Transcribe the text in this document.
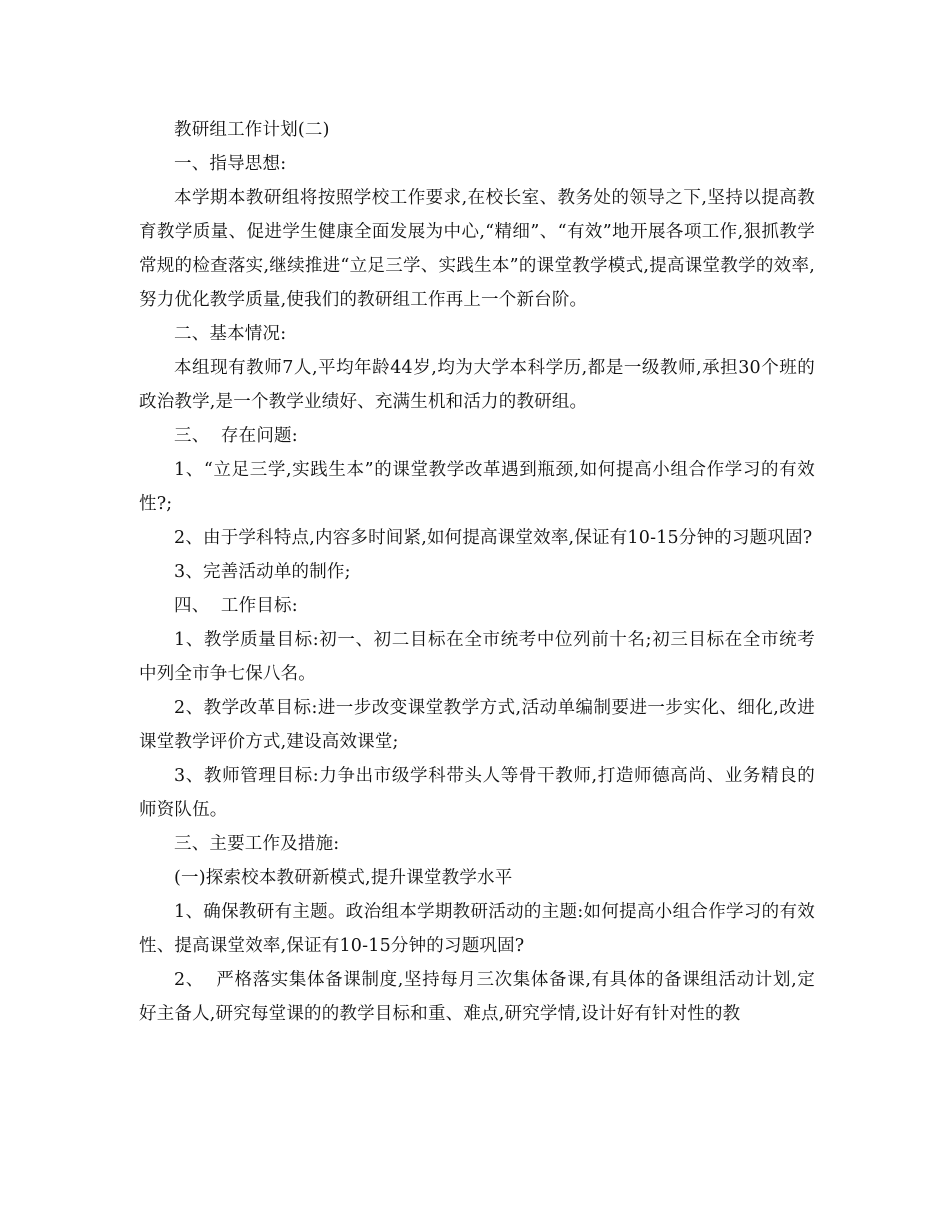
教研组工作计划(二)

一、指导思想:

本学期本教研组将按照学校工作要求,在校长室、教务处的领导之下,坚持以提高教育教学质量、促进学生健康全面发展为中心,“精细”、“有效”地开展各项工作,狠抓教学常规的检查落实,继续推进“立足三学、实践生本”的课堂教学模式,提高课堂教学的效率,努力优化教学质量,使我们的教研组工作再上一个新台阶。

二、基本情况:

本组现有教师7人,平均年龄44岁,均为大学本科学历,都是一级教师,承担30个班的政治教学,是一个教学业绩好、充满生机和活力的教研组。

三、  存在问题:

1、“立足三学,实践生本”的课堂教学改革遇到瓶颈,如何提高小组合作学习的有效性?;

2、由于学科特点,内容多时间紧,如何提高课堂效率,保证有10-15分钟的习题巩固?

3、完善活动单的制作;

四、  工作目标:

1、教学质量目标:初一、初二目标在全市统考中位列前十名;初三目标在全市统考中列全市争七保八名。

2、教学改革目标:进一步改变课堂教学方式,活动单编制要进一步实化、细化,改进课堂教学评价方式,建设高效课堂;

3、教师管理目标:力争出市级学科带头人等骨干教师,打造师德高尚、业务精良的师资队伍。

三、主要工作及措施:

(一)探索校本教研新模式,提升课堂教学水平

1、确保教研有主题。政治组本学期教研活动的主题:如何提高小组合作学习的有效性、提高课堂效率,保证有10-15分钟的习题巩固?

2、  严格落实集体备课制度,坚持每月三次集体备课,有具体的备课组活动计划,定好主备人,研究每堂课的的教学目标和重、难点,研究学情,设计好有针对性的教
